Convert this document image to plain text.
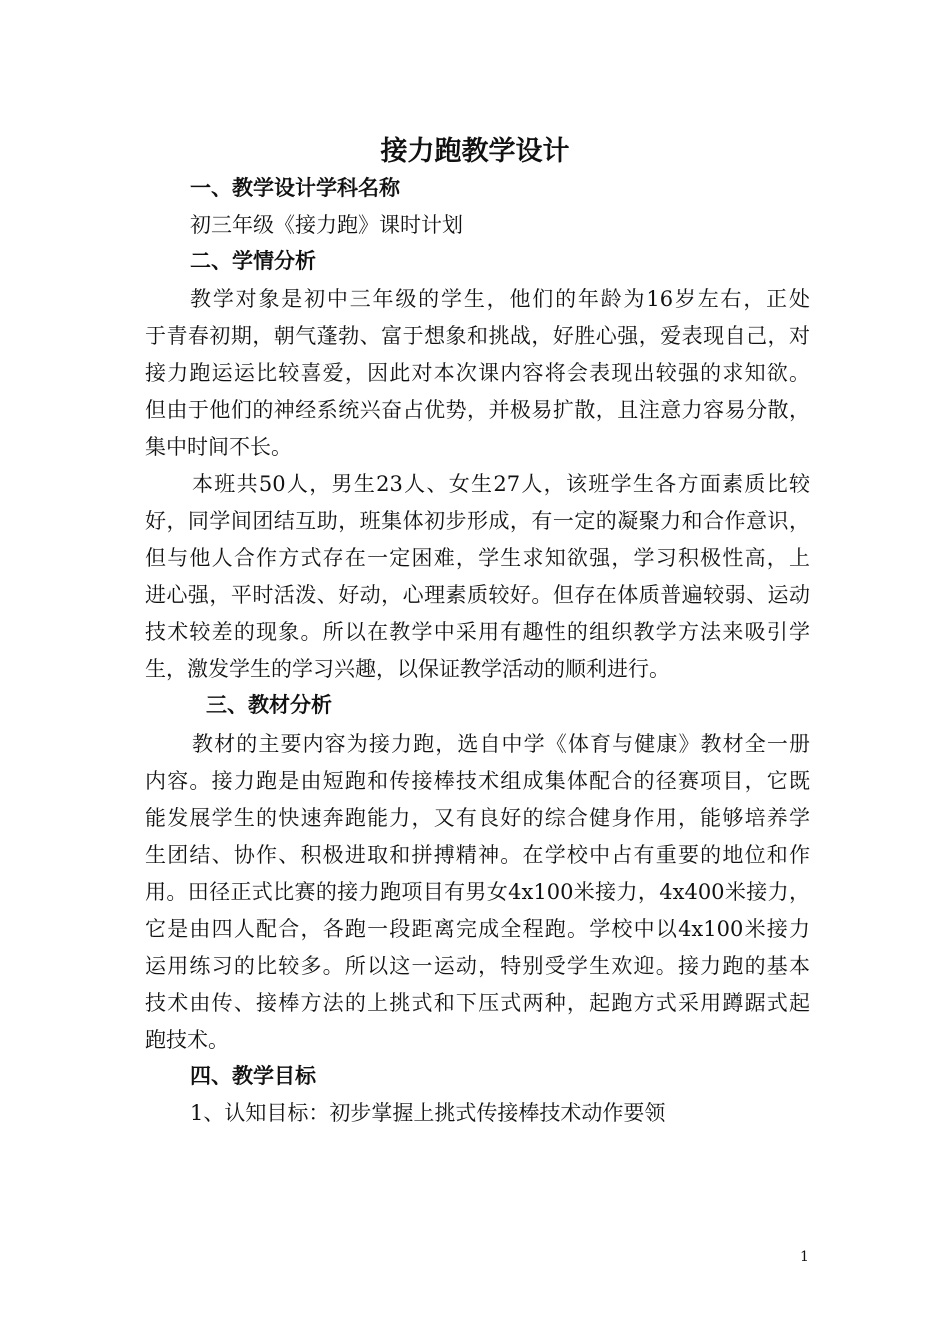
接力跑教学设计
一、教学设计学科名称
初三年级《接力跑》课时计划
二、学情分析
教学对象是初中三年级的学生，他们的年龄为16岁左右，正处
于青春初期，朝气蓬勃、富于想象和挑战，好胜心强，爱表现自己，对
接力跑运运比较喜爱，因此对本次课内容将会表现出较强的求知欲。
但由于他们的神经系统兴奋占优势，并极易扩散，且注意力容易分散，
集中时间不长。
本班共50人，男生23人、女生27人，该班学生各方面素质比较
好，同学间团结互助，班集体初步形成，有一定的凝聚力和合作意识，
但与他人合作方式存在一定困难，学生求知欲强，学习积极性高，上
进心强，平时活泼、好动，心理素质较好。但存在体质普遍较弱、运动
技术较差的现象。所以在教学中采用有趣性的组织教学方法来吸引学
生，激发学生的学习兴趣，以保证教学活动的顺利进行。
三、教材分析
教材的主要内容为接力跑，选自中学《体育与健康》教材全一册
内容。接力跑是由短跑和传接棒技术组成集体配合的径赛项目，它既
能发展学生的快速奔跑能力，又有良好的综合健身作用，能够培养学
生团结、协作、积极进取和拼搏精神。在学校中占有重要的地位和作
用。田径正式比赛的接力跑项目有男女4x100米接力，4x400米接力，
它是由四人配合，各跑一段距离完成全程跑。学校中以4x100米接力
运用练习的比较多。所以这一运动，特别受学生欢迎。接力跑的基本
技术由传、接棒方法的上挑式和下压式两种，起跑方式采用蹲踞式起
跑技术。
四、教学目标
1、认知目标：初步掌握上挑式传接棒技术动作要领
1
